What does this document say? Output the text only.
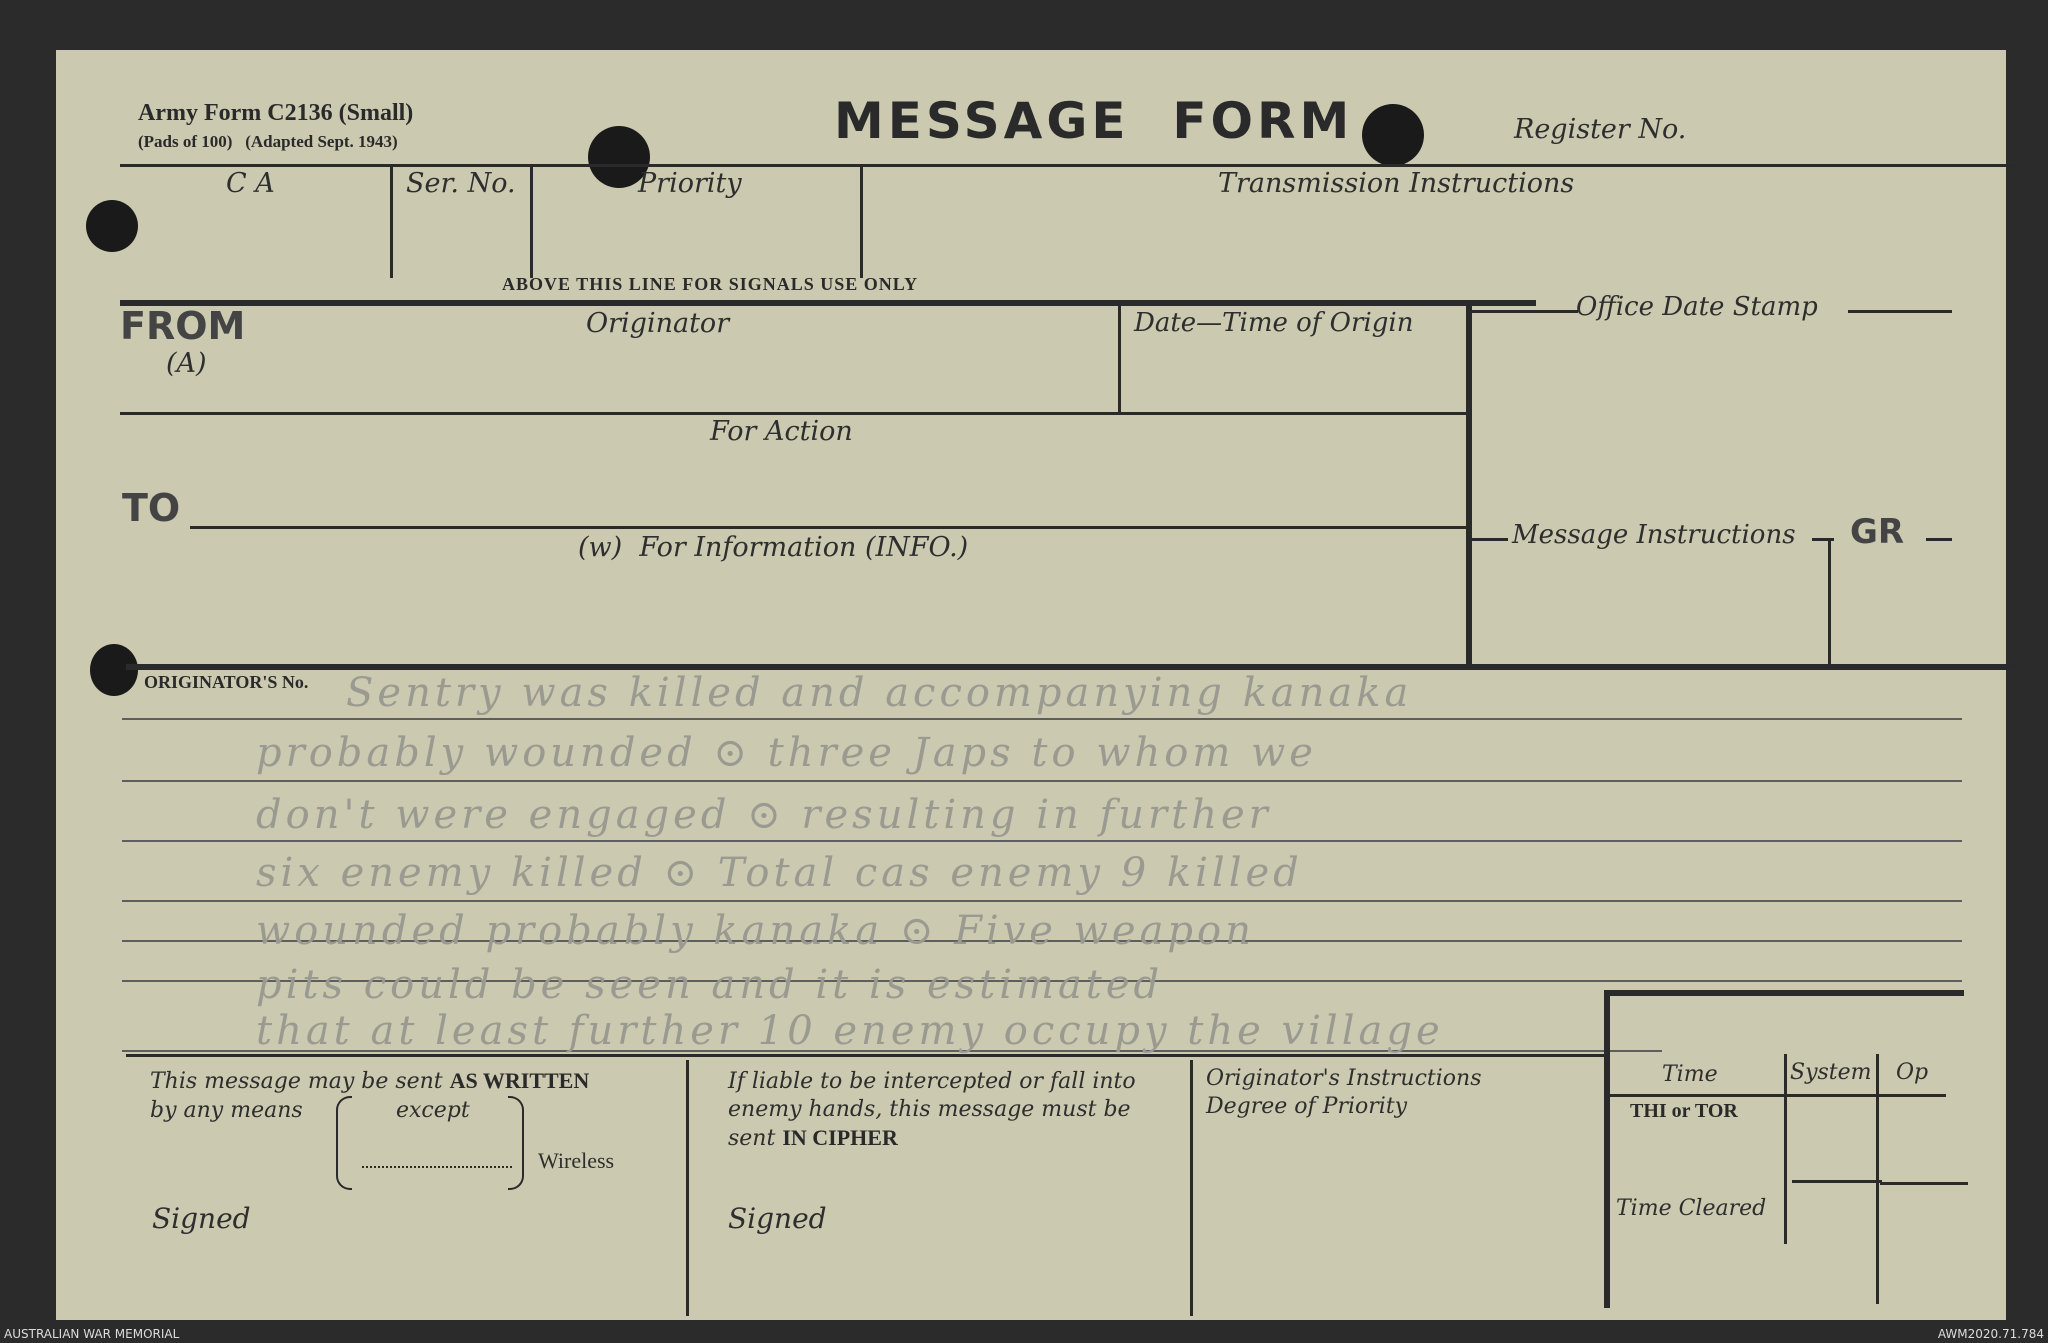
Army Form C2136 (Small)
(Pads of 100)   (Adapted Sept. 1943)	MESSAGE  FORM	Register No.
C A	Ser. No.	Priority	Transmission Instructions
ABOVE THIS LINE FOR SIGNALS USE ONLY
FROM
(A)
Originator	Date—Time of Origin
Office Date Stamp
For Action
TO
(w)  For Information (INFO.)	Message Instructions GR
ORIGINATOR'S No. Sentry was killed and accompanying kanaka
probably wounded ⊙ three Japs to whom we
don't were engaged ⊙ resulting in further
six enemy killed ⊙ Total cas enemy 9 killed
wounded probably kanaka ⊙ Five weapon
pits could be seen and it is estimated
that at least further 10 enemy occupy the village
This message may be sent AS WRITTEN
by any means	except
Wireless
Signed
If liable to be intercepted or fall into enemy hands, this message must be sent IN CIPHER
Signed
Originator's Instructions
Degree of Priority
Time	System Op
THI or TOR
Time Cleared
AUSTRALIAN WAR MEMORIAL	AWM2020.71.784
